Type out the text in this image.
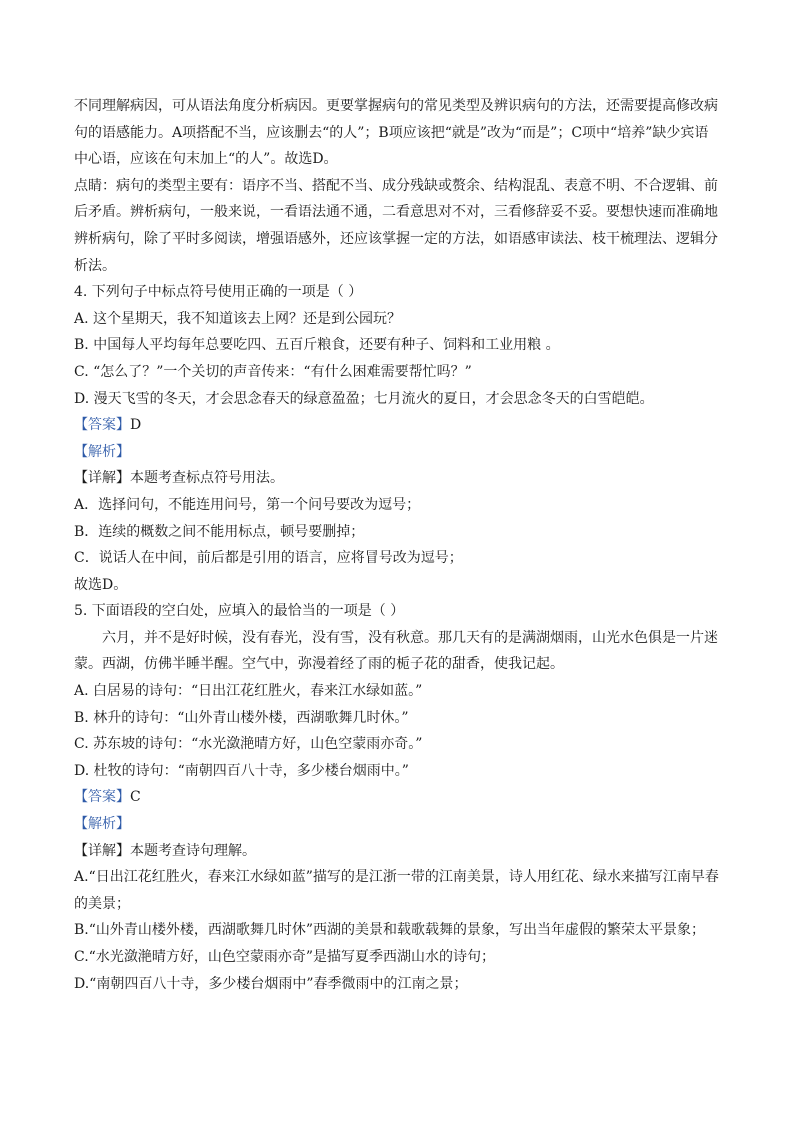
不同理解病因，可从语法角度分析病因。更要掌握病句的常见类型及辨识病句的方法，还需要提高修改病句的语感能力。A项搭配不当，应该删去“的人”；B项应该把“就是”改为“而是”；C项中“培养”缺少宾语中心语，应该在句末加上“的人”。故选D。
点睛：病句的类型主要有：语序不当、搭配不当、成分残缺或赘余、结构混乱、表意不明、不合逻辑、前后矛盾。辨析病句，一般来说，一看语法通不通，二看意思对不对，三看修辞妥不妥。要想快速而准确地辨析病句，除了平时多阅读，增强语感外，还应该掌握一定的方法，如语感审读法、枝干梳理法、逻辑分析法。
4. 下列句子中标点符号使用正确的一项是（ ）
A. 这个星期天，我不知道该去上网？还是到公园玩？
B. 中国每人平均每年总要吃四、五百斤粮食，还要有种子、饲料和工业用粮 。
C. “怎么了？”一个关切的声音传来：“有什么困难需要帮忙吗？”
D. 漫天飞雪的冬天，才会思念春天的绿意盈盈；七月流火的夏日，才会思念冬天的白雪皑皑。
【答案】D
【解析】
【详解】本题考查标点符号用法。
A．选择问句，不能连用问号，第一个问号要改为逗号；
B．连续的概数之间不能用标点，顿号要删掉；
C．说话人在中间，前后都是引用的语言，应将冒号改为逗号；
故选D。
5. 下面语段的空白处，应填入的最恰当的一项是（ ）
六月，并不是好时候，没有春光，没有雪，没有秋意。那几天有的是满湖烟雨，山光水色俱是一片迷蒙。西湖，仿佛半睡半醒。空气中，弥漫着经了雨的栀子花的甜香，使我记起。
A. 白居易的诗句：“日出江花红胜火，春来江水绿如蓝。”
B. 林升的诗句：“山外青山楼外楼，西湖歌舞几时休。”
C. 苏东坡的诗句：“水光潋滟晴方好，山色空蒙雨亦奇。”
D. 杜牧的诗句：“南朝四百八十寺，多少楼台烟雨中。”
【答案】C
【解析】
【详解】本题考查诗句理解。
A.“日出江花红胜火，春来江水绿如蓝”描写的是江浙一带的江南美景，诗人用红花、绿水来描写江南早春的美景；
B.“山外青山楼外楼，西湖歌舞几时休”西湖的美景和载歌载舞的景象，写出当年虚假的繁荣太平景象；
C.“水光潋滟晴方好，山色空蒙雨亦奇”是描写夏季西湖山水的诗句；
D.“南朝四百八十寺，多少楼台烟雨中”春季微雨中的江南之景；
